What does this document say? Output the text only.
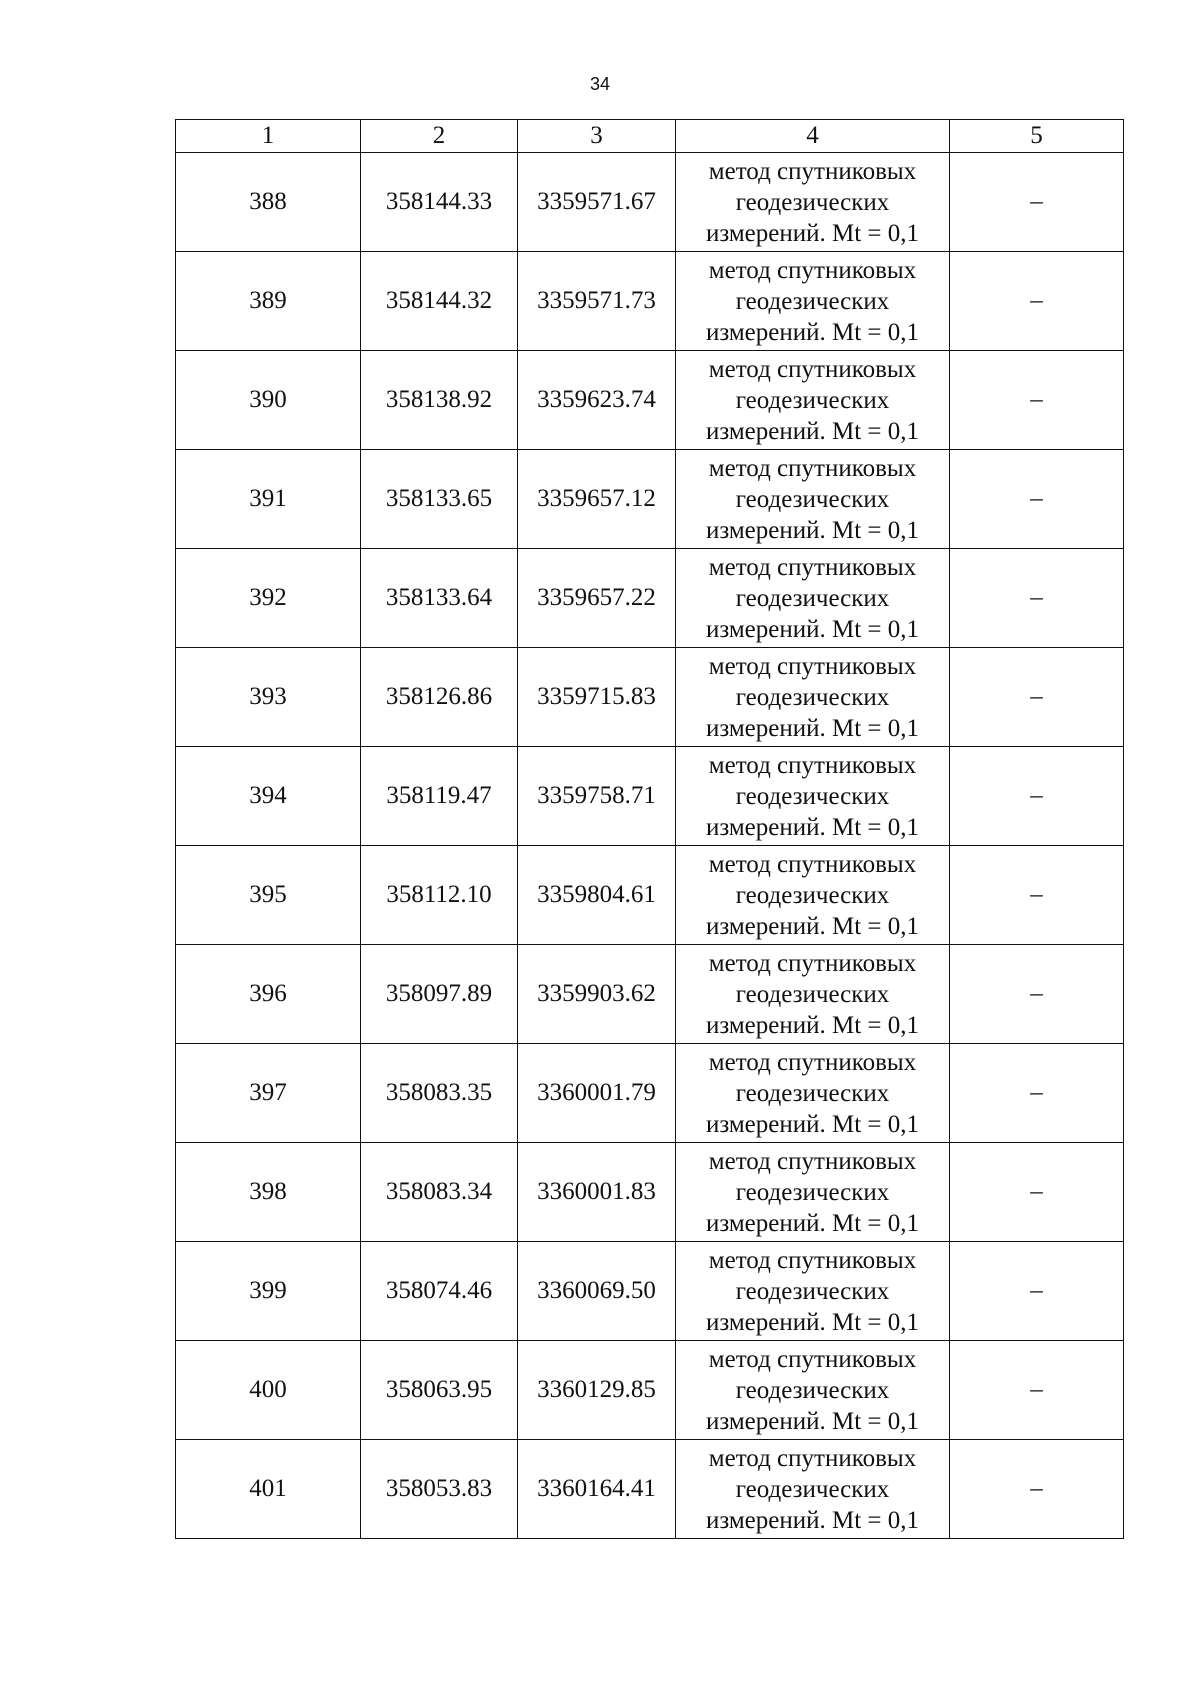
34
1	2	3	4	5
388	358144.33	3359571.67	метод спутниковых
геодезических
измерений. Mt = 0,1	–
389	358144.32	3359571.73	метод спутниковых
геодезических
измерений. Mt = 0,1	–
390	358138.92	3359623.74	метод спутниковых
геодезических
измерений. Mt = 0,1	–
391	358133.65	3359657.12	метод спутниковых
геодезических
измерений. Mt = 0,1	–
392	358133.64	3359657.22	метод спутниковых
геодезических
измерений. Mt = 0,1	–
393	358126.86	3359715.83	метод спутниковых
геодезических
измерений. Mt = 0,1	–
394	358119.47	3359758.71	метод спутниковых
геодезических
измерений. Mt = 0,1	–
395	358112.10	3359804.61	метод спутниковых
геодезических
измерений. Mt = 0,1	–
396	358097.89	3359903.62	метод спутниковых
геодезических
измерений. Mt = 0,1	–
397	358083.35	3360001.79	метод спутниковых
геодезических
измерений. Mt = 0,1	–
398	358083.34	3360001.83	метод спутниковых
геодезических
измерений. Mt = 0,1	–
399	358074.46	3360069.50	метод спутниковых
геодезических
измерений. Mt = 0,1	–
400	358063.95	3360129.85	метод спутниковых
геодезических
измерений. Mt = 0,1	–
401	358053.83	3360164.41	метод спутниковых
геодезических
измерений. Mt = 0,1	–
